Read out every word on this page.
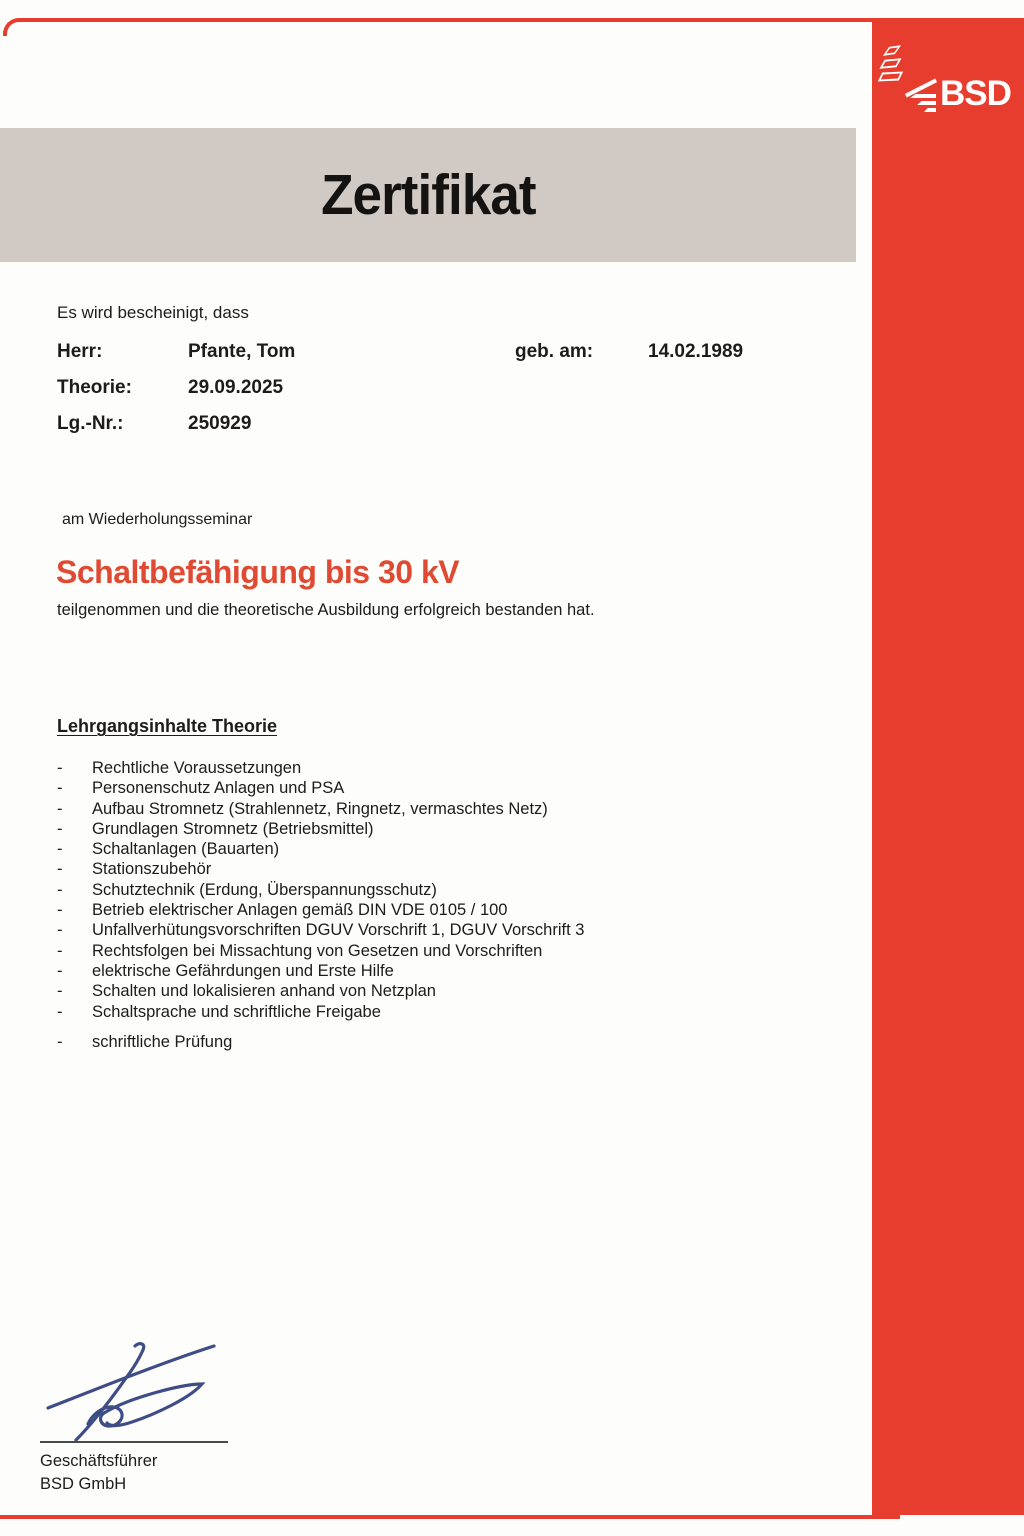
BSD
Zertifikat
Es wird bescheinigt, dass
Herr:	Pfante, Tom	geb. am:	14.02.1989
Theorie:	29.09.2025
Lg.-Nr.:	250929
am Wiederholungsseminar
Schaltbefähigung bis 30 kV
teilgenommen und die theoretische Ausbildung erfolgreich bestanden hat.
Lehrgangsinhalte Theorie
- Rechtliche Voraussetzungen
- Personenschutz Anlagen und PSA
- Aufbau Stromnetz (Strahlennetz, Ringnetz, vermaschtes Netz)
- Grundlagen Stromnetz (Betriebsmittel)
- Schaltanlagen (Bauarten)
- Stationszubehör
- Schutztechnik (Erdung, Überspannungsschutz)
- Betrieb elektrischer Anlagen gemäß DIN VDE 0105 / 100
- Unfallverhütungsvorschriften DGUV Vorschrift 1, DGUV Vorschrift 3
- Rechtsfolgen bei Missachtung von Gesetzen und Vorschriften
- elektrische Gefährdungen und Erste Hilfe
- Schalten und lokalisieren anhand von Netzplan
- Schaltsprache und schriftliche Freigabe
- schriftliche Prüfung
Geschäftsführer
BSD GmbH
